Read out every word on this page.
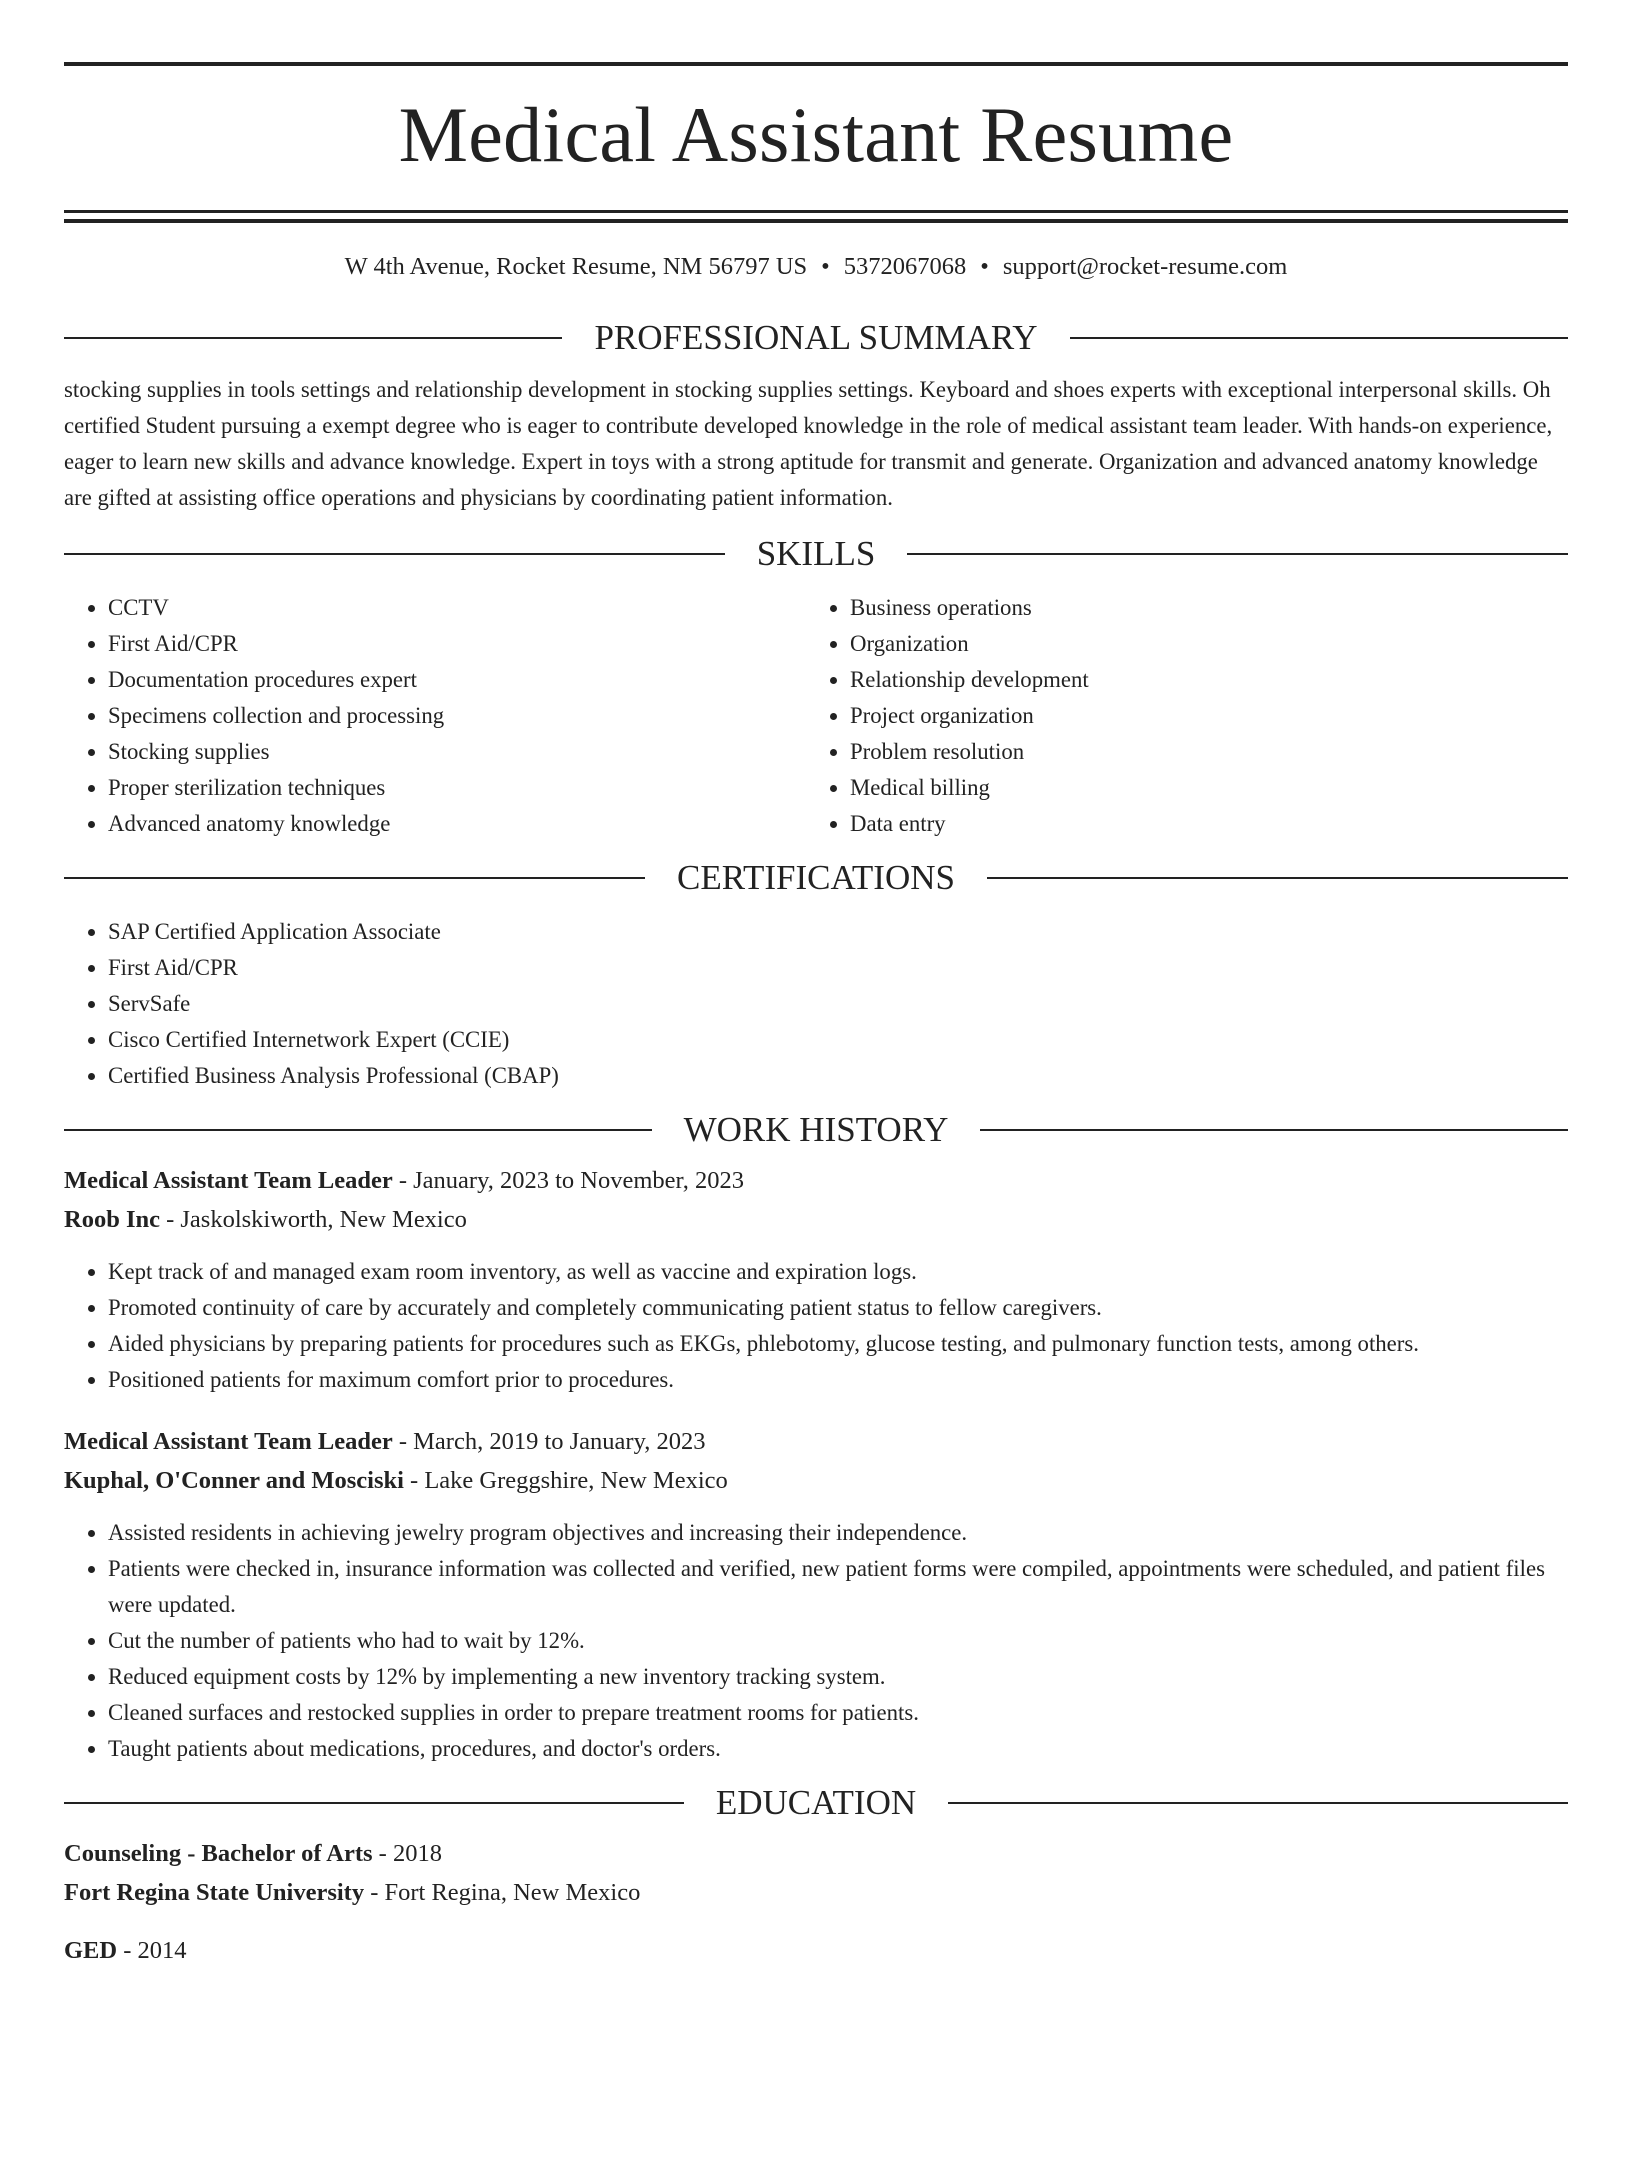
Medical Assistant Resume
W 4th Avenue, Rocket Resume, NM 56797 US • 5372067068 • support@rocket-resume.com
PROFESSIONAL SUMMARY

stocking supplies in tools settings and relationship development in stocking supplies settings. Keyboard and shoes experts with exceptional interpersonal skills. Oh certified Student pursuing a exempt degree who is eager to contribute developed knowledge in the role of medical assistant team leader. With hands-on experience, eager to learn new skills and advance knowledge. Expert in toys with a strong aptitude for transmit and generate. Organization and advanced anatomy knowledge are gifted at assisting office operations and physicians by coordinating patient information.

SKILLS
• CCTV
• First Aid/CPR
• Documentation procedures expert
• Specimens collection and processing
• Stocking supplies
• Proper sterilization techniques
• Advanced anatomy knowledge
• Business operations
• Organization
• Relationship development
• Project organization
• Problem resolution
• Medical billing
• Data entry
CERTIFICATIONS
• SAP Certified Application Associate
• First Aid/CPR
• ServSafe
• Cisco Certified Internetwork Expert (CCIE)
• Certified Business Analysis Professional (CBAP)
WORK HISTORY
Medical Assistant Team Leader - January, 2023 to November, 2023
Roob Inc - Jaskolskiworth, New Mexico
• Kept track of and managed exam room inventory, as well as vaccine and expiration logs.
• Promoted continuity of care by accurately and completely communicating patient status to fellow caregivers.
• Aided physicians by preparing patients for procedures such as EKGs, phlebotomy, glucose testing, and pulmonary function tests, among others.
• Positioned patients for maximum comfort prior to procedures.
Medical Assistant Team Leader - March, 2019 to January, 2023
Kuphal, O'Conner and Mosciski - Lake Greggshire, New Mexico
• Assisted residents in achieving jewelry program objectives and increasing their independence.
• Patients were checked in, insurance information was collected and verified, new patient forms were compiled, appointments were scheduled, and patient files were updated.
• Cut the number of patients who had to wait by 12%.
• Reduced equipment costs by 12% by implementing a new inventory tracking system.
• Cleaned surfaces and restocked supplies in order to prepare treatment rooms for patients.
• Taught patients about medications, procedures, and doctor's orders.
EDUCATION
Counseling - Bachelor of Arts - 2018
Fort Regina State University - Fort Regina, New Mexico
GED - 2014
